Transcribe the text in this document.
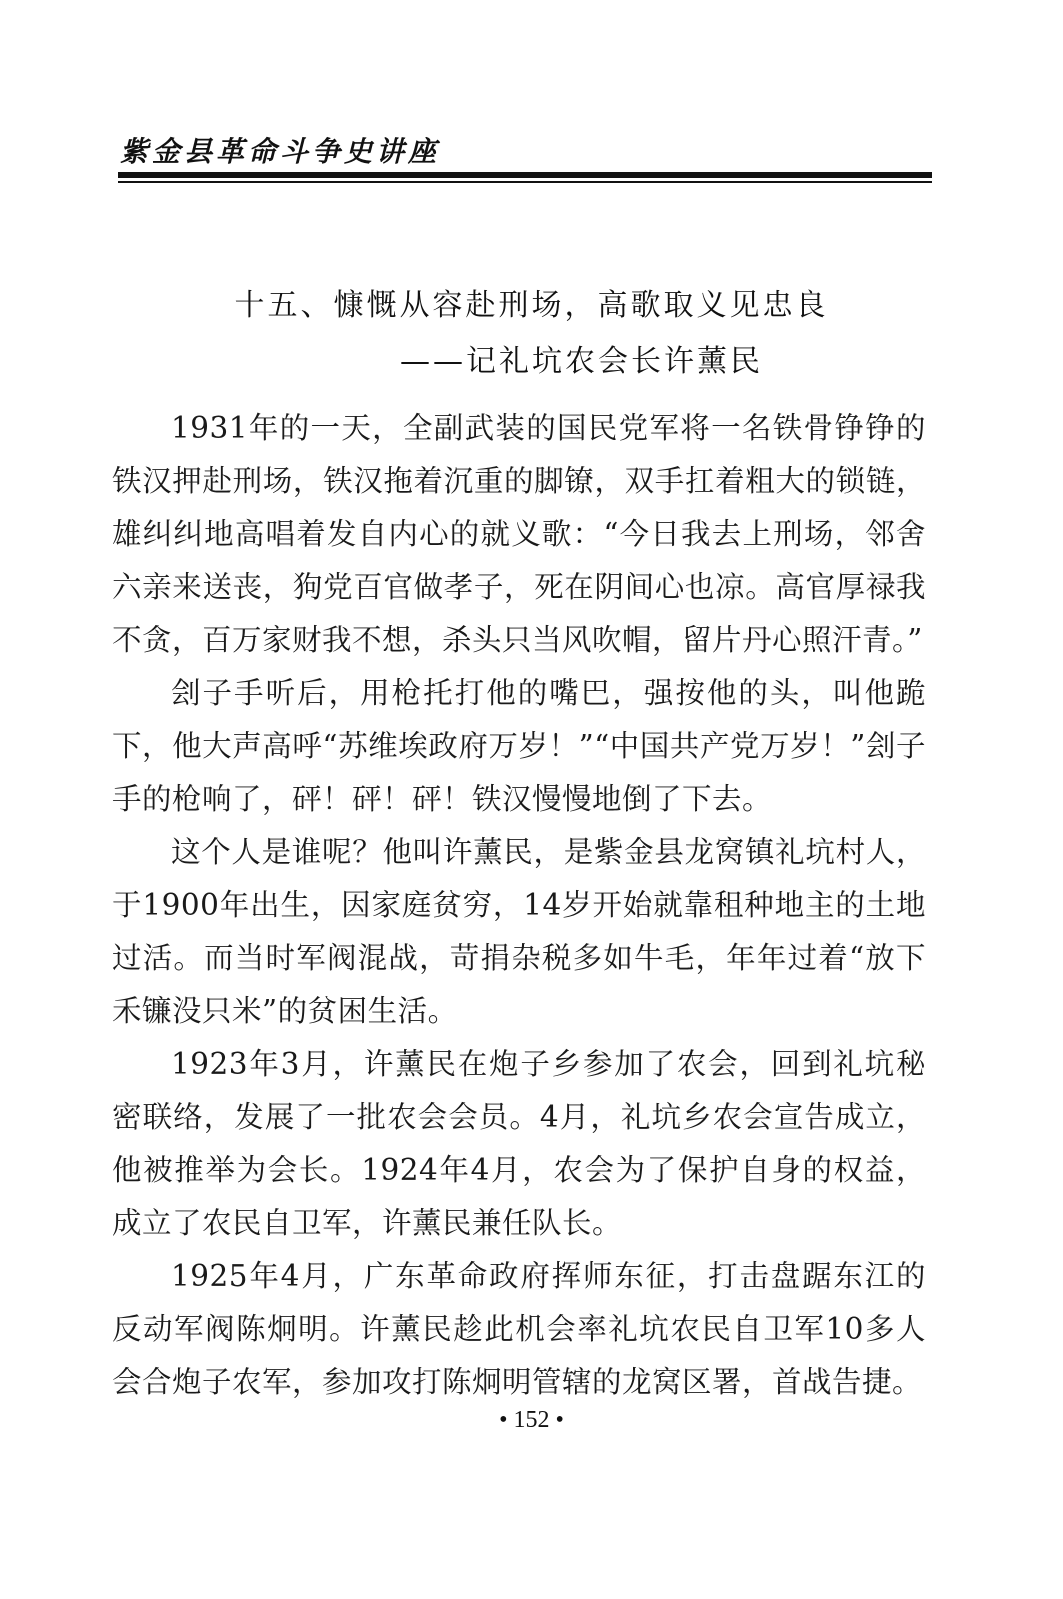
紫金县革命斗争史讲座
十五、慷慨从容赴刑场，高歌取义见忠良
——记礼坑农会长许薰民

1931年的一天，全副武装的国民党军将一名铁骨铮铮的铁汉押赴刑场，铁汉拖着沉重的脚镣，双手扛着粗大的锁链，雄纠纠地高唱着发自内心的就义歌：“今日我去上刑场，邻舍六亲来送丧，狗党百官做孝子，死在阴间心也凉。高官厚禄我不贪，百万家财我不想，杀头只当风吹帽，留片丹心照汗青。”

刽子手听后，用枪托打他的嘴巴，强按他的头，叫他跪下，他大声高呼“苏维埃政府万岁！”“中国共产党万岁！”刽子手的枪响了，砰！砰！砰！铁汉慢慢地倒了下去。

这个人是谁呢？他叫许薰民，是紫金县龙窝镇礼坑村人，于1900年出生，因家庭贫穷，14岁开始就靠租种地主的土地过活。而当时军阀混战，苛捐杂税多如牛毛，年年过着“放下禾镰没只米”的贫困生活。

1923年3月，许薰民在炮子乡参加了农会，回到礼坑秘密联络，发展了一批农会会员。4月，礼坑乡农会宣告成立，他被推举为会长。1924年4月，农会为了保护自身的权益，成立了农民自卫军，许薰民兼任队长。

1925年4月，广东革命政府挥师东征，打击盘踞东江的反动军阀陈炯明。许薰民趁此机会率礼坑农民自卫军10多人会合炮子农军，参加攻打陈炯明管辖的龙窝区署，首战告捷。

• 152 •
